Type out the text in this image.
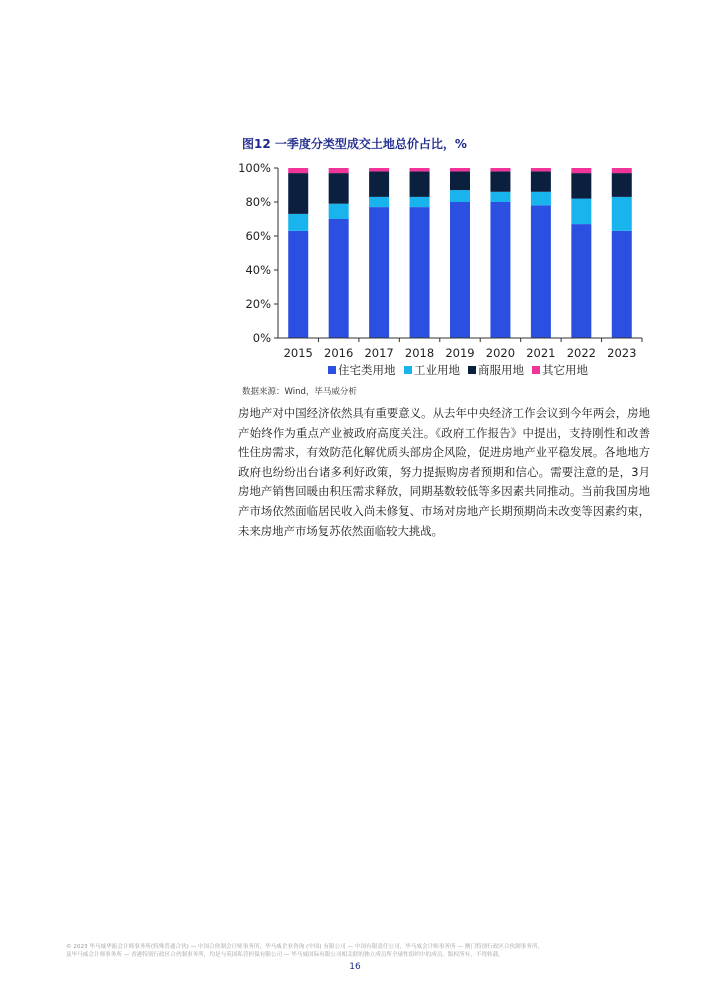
图12 一季度分类型成交土地总价占比，%
0%
20%
40%
60%
80%
100%
2015 2016 2017 2018 2019 2020 2021 2022 2023
住宅类用地 工业用地 商服用地 其它用地
数据来源：Wind，毕马威分析
房地产对中国经济依然具有重要意义。从去年中央经济工作会议到今年两会，房地产始终作为重点产业被政府高度关注。《政府工作报告》中提出，支持刚性和改善性住房需求，有效防范化解优质头部房企风险，促进房地产业平稳发展。各地地方政府也纷纷出台诸多利好政策，努力提振购房者预期和信心。需要注意的是，3月房地产销售回暖由积压需求释放，同期基数较低等多因素共同推动。当前我国房地产市场依然面临居民收入尚未修复、市场对房地产长期预期尚未改变等因素约束，未来房地产市场复苏依然面临较大挑战。
© 2023 毕马威华振会计师事务所(特殊普通合伙) — 中国合伙制会计师事务所，毕马威企业咨询 (中国) 有限公司 — 中国有限责任公司，毕马威会计师事务所 — 澳门特别行政区合伙制事务所，
及毕马威会计师事务所 — 香港特别行政区合伙制事务所，均是与英国私营担保有限公司 — 毕马威国际有限公司相关联的独立成员所全球性组织中的成员。版权所有，不得转载。
16
